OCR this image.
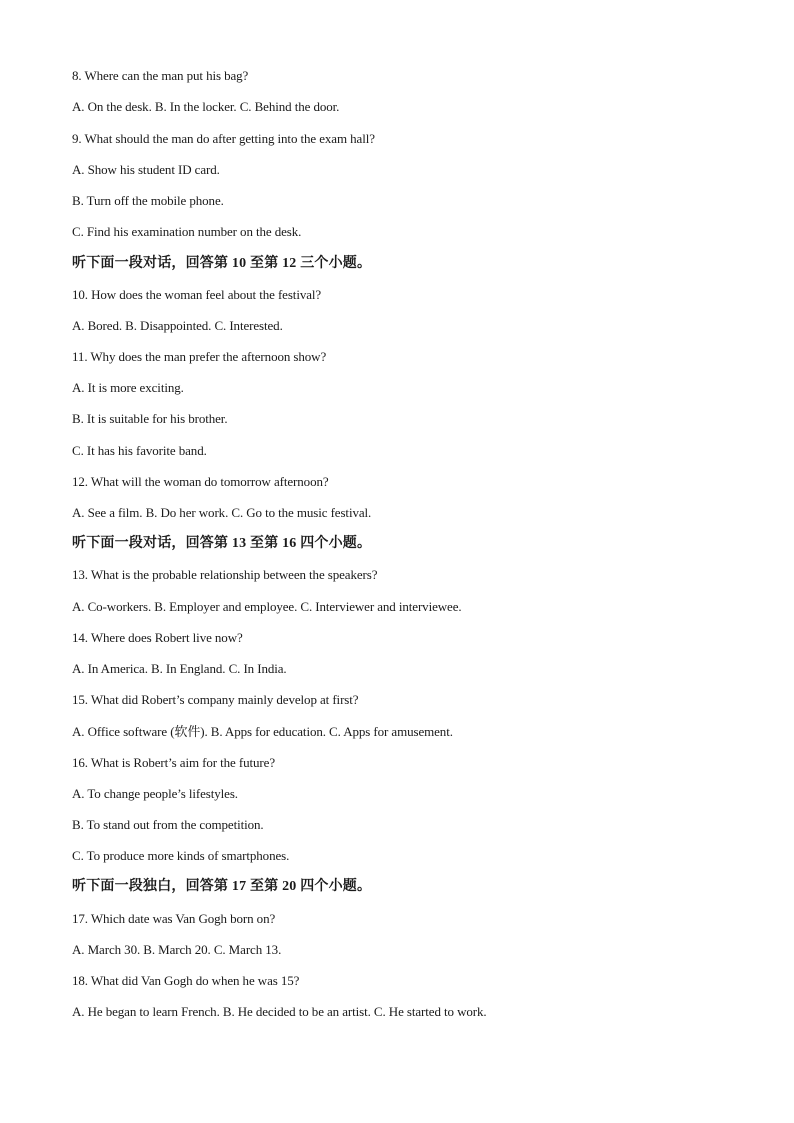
8. Where can the man put his bag?
A. On the desk. B. In the locker. C. Behind the door.
9. What should the man do after getting into the exam hall?
A. Show his student ID card.
B. Turn off the mobile phone.
C. Find his examination number on the desk.
听下面一段对话，回答第 10 至第 12 三个小题。
10. How does the woman feel about the festival?
A. Bored. B. Disappointed. C. Interested.
11. Why does the man prefer the afternoon show?
A. It is more exciting.
B. It is suitable for his brother.
C. It has his favorite band.
12. What will the woman do tomorrow afternoon?
A. See a film. B. Do her work. C. Go to the music festival.
听下面一段对话，回答第 13 至第 16 四个小题。
13. What is the probable relationship between the speakers?
A. Co-workers. B. Employer and employee. C. Interviewer and interviewee.
14. Where does Robert live now?
A. In America. B. In England. C. In India.
15. What did Robert’s company mainly develop at first?
A. Office software (软件). B. Apps for education. C. Apps for amusement.
16. What is Robert’s aim for the future?
A. To change people’s lifestyles.
B. To stand out from the competition.
C. To produce more kinds of smartphones.
听下面一段独白，回答第 17 至第 20 四个小题。
17. Which date was Van Gogh born on?
A. March 30. B. March 20. C. March 13.
18. What did Van Gogh do when he was 15?
A. He began to learn French. B. He decided to be an artist. C. He started to work.
